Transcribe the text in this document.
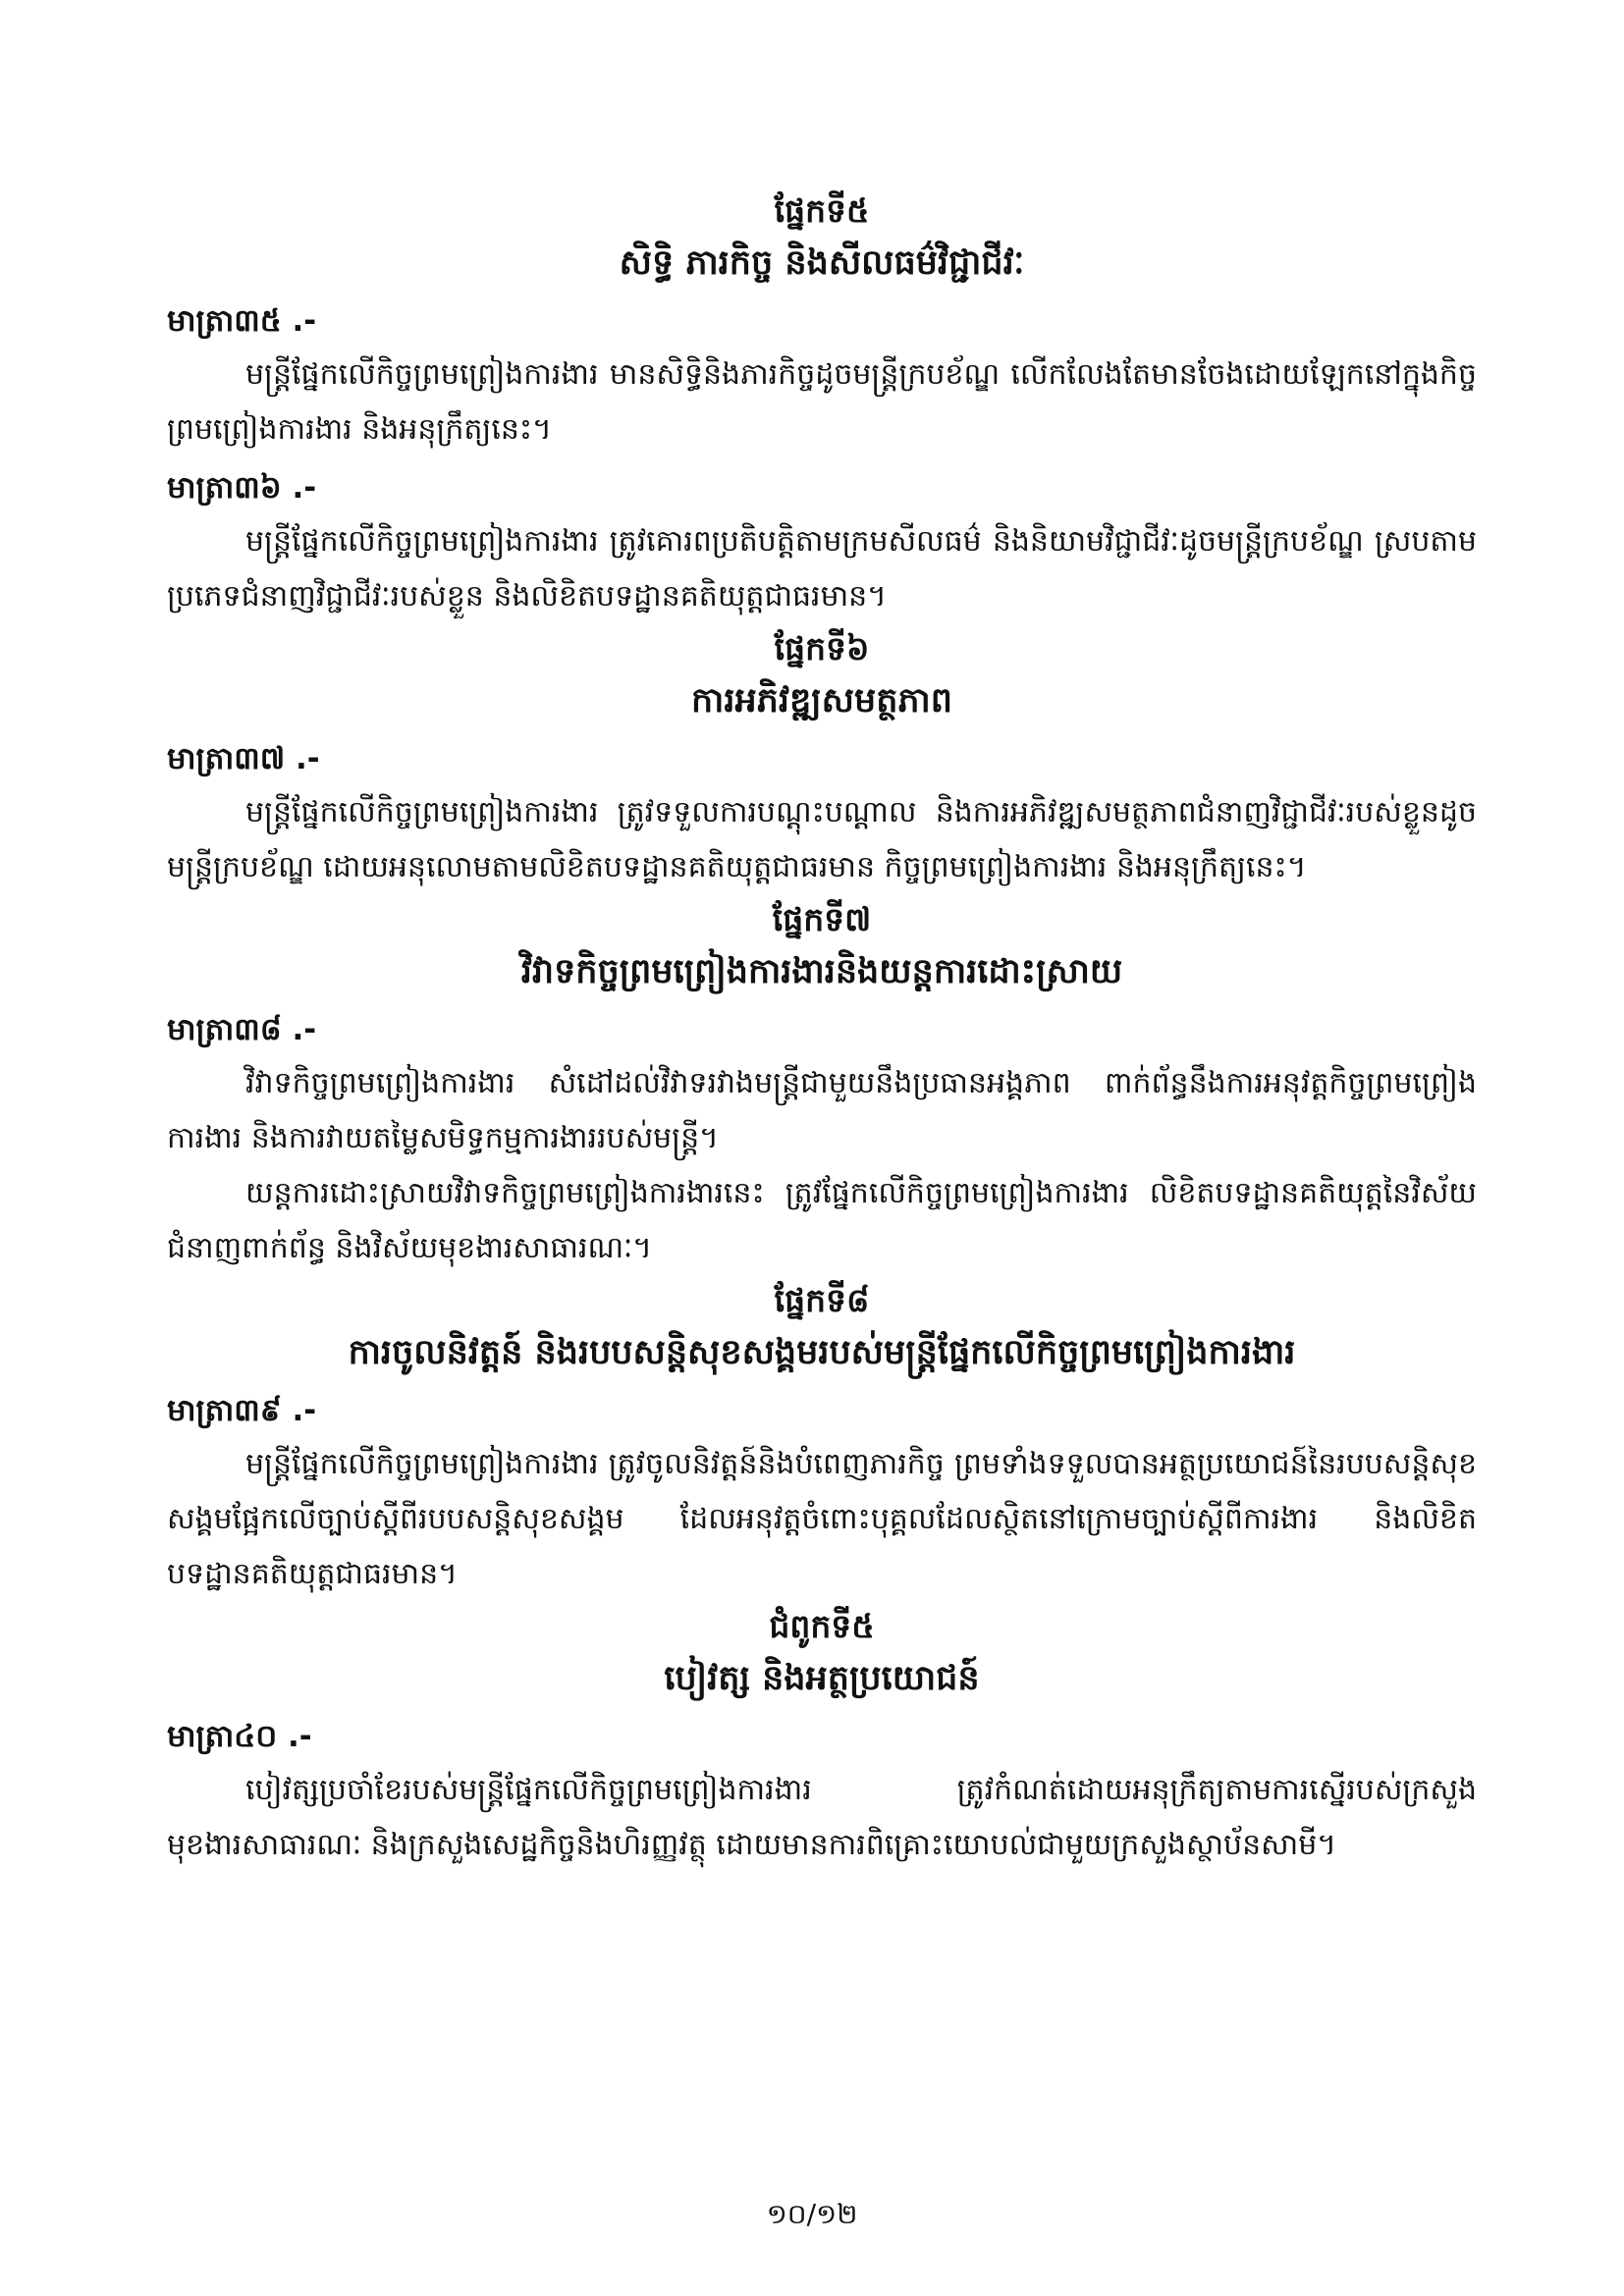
ផ្នែកទី៥

សិទ្ធិ ភារកិច្ច និងសីលធម៌វិជ្ជាជីវៈ

មាត្រា៣៥ .-

មន្ត្រីផ្នែកលើកិច្ចព្រមព្រៀងការងារ មានសិទ្ធិនិងភារកិច្ចដូចមន្ត្រីក្របខ័ណ្ឌ លើកលែងតែមានចែងដោយឡែកនៅក្នុងកិច្ចព្រមព្រៀងការងារ និងអនុក្រឹត្យនេះ។

មាត្រា៣៦ .-

មន្ត្រីផ្នែកលើកិច្ចព្រមព្រៀងការងារ ត្រូវគោរពប្រតិបត្តិតាមក្រមសីលធម៌ និងនិយាមវិជ្ជាជីវៈដូចមន្ត្រីក្របខ័ណ្ឌ ស្របតាមប្រភេទជំនាញវិជ្ជាជីវៈរបស់ខ្លួន និងលិខិតបទដ្ឋានគតិយុត្តជាធរមាន។

ផ្នែកទី៦

ការអភិវឌ្ឍសមត្ថភាព

មាត្រា៣៧ .-

មន្ត្រីផ្នែកលើកិច្ចព្រមព្រៀងការងារ ត្រូវទទួលការបណ្តុះបណ្តាល និងការអភិវឌ្ឍសមត្ថភាពជំនាញវិជ្ជាជីវៈរបស់ខ្លួនដូចមន្ត្រីក្របខ័ណ្ឌ ដោយអនុលោមតាមលិខិតបទដ្ឋានគតិយុត្តជាធរមាន កិច្ចព្រមព្រៀងការងារ និងអនុក្រឹត្យនេះ។

ផ្នែកទី៧

វិវាទកិច្ចព្រមព្រៀងការងារនិងយន្តការដោះស្រាយ

មាត្រា៣៨ .-

វិវាទកិច្ចព្រមព្រៀងការងារ សំដៅដល់វិវាទរវាងមន្ត្រីជាមួយនឹងប្រធានអង្គភាព ពាក់ព័ន្ធនឹងការអនុវត្តកិច្ចព្រមព្រៀងការងារ និងការវាយតម្លៃសមិទ្ធកម្មការងាររបស់មន្ត្រី។

យន្តការដោះស្រាយវិវាទកិច្ចព្រមព្រៀងការងារនេះ ត្រូវផ្នែកលើកិច្ចព្រមព្រៀងការងារ លិខិតបទដ្ឋានគតិយុត្តនៃវិស័យជំនាញពាក់ព័ន្ធ និងវិស័យមុខងារសាធារណៈ។

ផ្នែកទី៨

ការចូលនិវត្តន៍ និងរបបសន្តិសុខសង្គមរបស់មន្ត្រីផ្នែកលើកិច្ចព្រមព្រៀងការងារ

មាត្រា៣៩ .-

មន្ត្រីផ្នែកលើកិច្ចព្រមព្រៀងការងារ ត្រូវចូលនិវត្តន៍និងបំពេញភារកិច្ច ព្រមទាំងទទួលបានអត្ថប្រយោជន៍នៃរបបសន្តិសុខសង្គមផ្អែកលើច្បាប់ស្តីពីរបបសន្តិសុខសង្គម ដែលអនុវត្តចំពោះបុគ្គលដែលស្ថិតនៅក្រោមច្បាប់ស្តីពីការងារ និងលិខិតបទដ្ឋានគតិយុត្តជាធរមាន។

ជំពូកទី៥

បៀវត្ស និងអត្ថប្រយោជន៍

មាត្រា៤០ .-

បៀវត្សប្រចាំខែរបស់មន្ត្រីផ្នែកលើកិច្ចព្រមព្រៀងការងារ ត្រូវកំណត់ដោយអនុក្រឹត្យតាមការស្នើរបស់ក្រសួងមុខងារសាធារណៈ និងក្រសួងសេដ្ឋកិច្ចនិងហិរញ្ញវត្ថុ ដោយមានការពិគ្រោះយោបល់ជាមួយក្រសួងស្ថាប័នសាមី។

១០/១២
